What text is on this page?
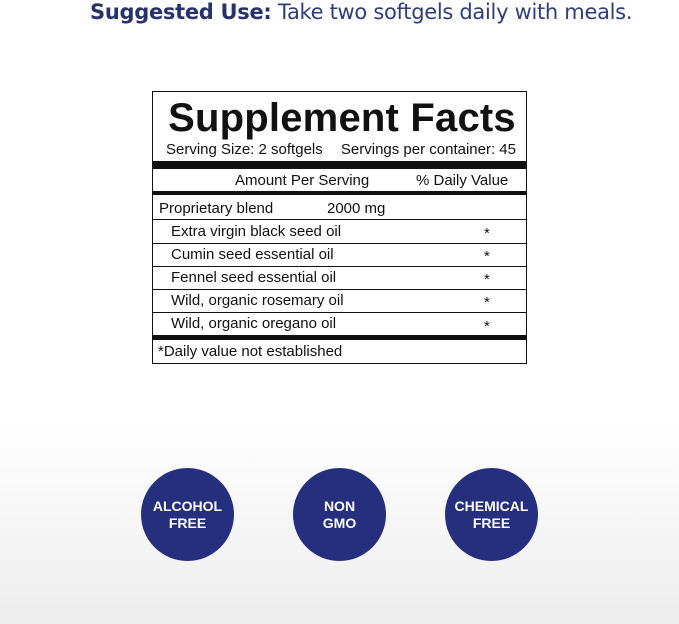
Suggested Use: Take two softgels daily with meals.
Supplement Facts
Serving Size: 2 softgels Servings per container: 45
Amount Per Serving	% Daily Value
Proprietary blend	2000 mg
Extra virgin black seed oil	*
Cumin seed essential oil	*
Fennel seed essential oil	*
Wild, organic rosemary oil	*
Wild, organic oregano oil	*
*Daily value not established
ALCOHOL
FREE
NON
GMO
CHEMICAL
FREE
